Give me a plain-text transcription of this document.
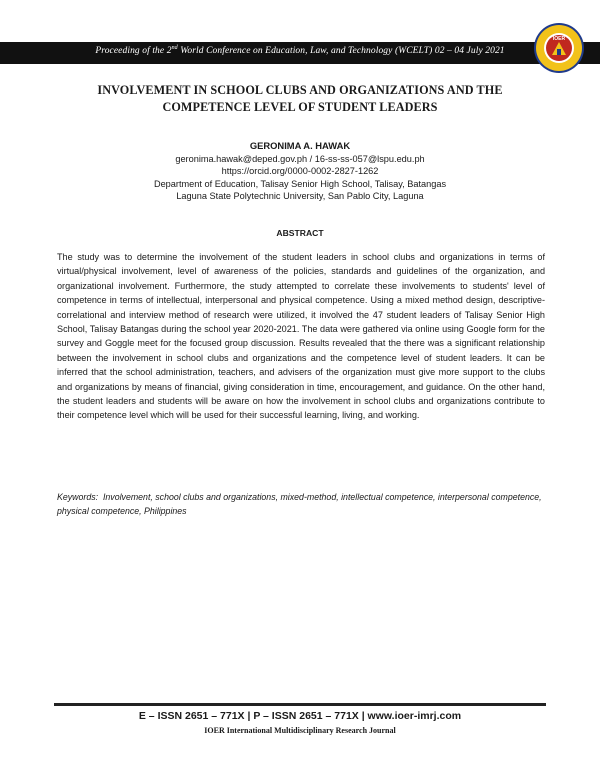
Proceeding of the 2nd World Conference on Education, Law, and Technology (WCELT) 02 – 04 July 2021
IOER
INVOLVEMENT IN SCHOOL CLUBS AND ORGANIZATIONS AND THE
COMPETENCE LEVEL OF STUDENT LEADERS
GERONIMA A. HAWAK
geronima.hawak@deped.gov.ph / 16-ss-ss-057@lspu.edu.ph
https://orcid.org/0000-0002-2827-1262
Department of Education, Talisay Senior High School, Talisay, Batangas
Laguna State Polytechnic University, San Pablo City, Laguna
ABSTRACT
The study was to determine the involvement of the student leaders in school clubs and organizations in terms of virtual/physical involvement, level of awareness of the policies, standards and guidelines of the organization, and organizational involvement. Furthermore, the study attempted to correlate these involvements to students' level of competence in terms of intellectual, interpersonal and physical competence. Using a mixed method design, descriptive-correlational and interview method of research were utilized, it involved the 47 student leaders of Talisay Senior High School, Talisay Batangas during the school year 2020-2021. The data were gathered via online using Google form for the survey and Goggle meet for the focused group discussion. Results revealed that the there was a significant relationship between the involvement in school clubs and organizations and the competence level of student leaders. It can be inferred that the school administration, teachers, and advisers of the organization must give more support to the clubs and organizations by means of financial, giving consideration in time, encouragement, and guidance. On the other hand, the student leaders and students will be aware on how the involvement in school clubs and organizations contribute to their competence level which will be used for their successful learning, living, and working.
Keywords: Involvement, school clubs and organizations, mixed-method, intellectual competence, interpersonal competence, physical competence, Philippines
E – ISSN 2651 – 771X | P – ISSN 2651 – 771X | www.ioer-imrj.com
IOER International Multidisciplinary Research Journal
